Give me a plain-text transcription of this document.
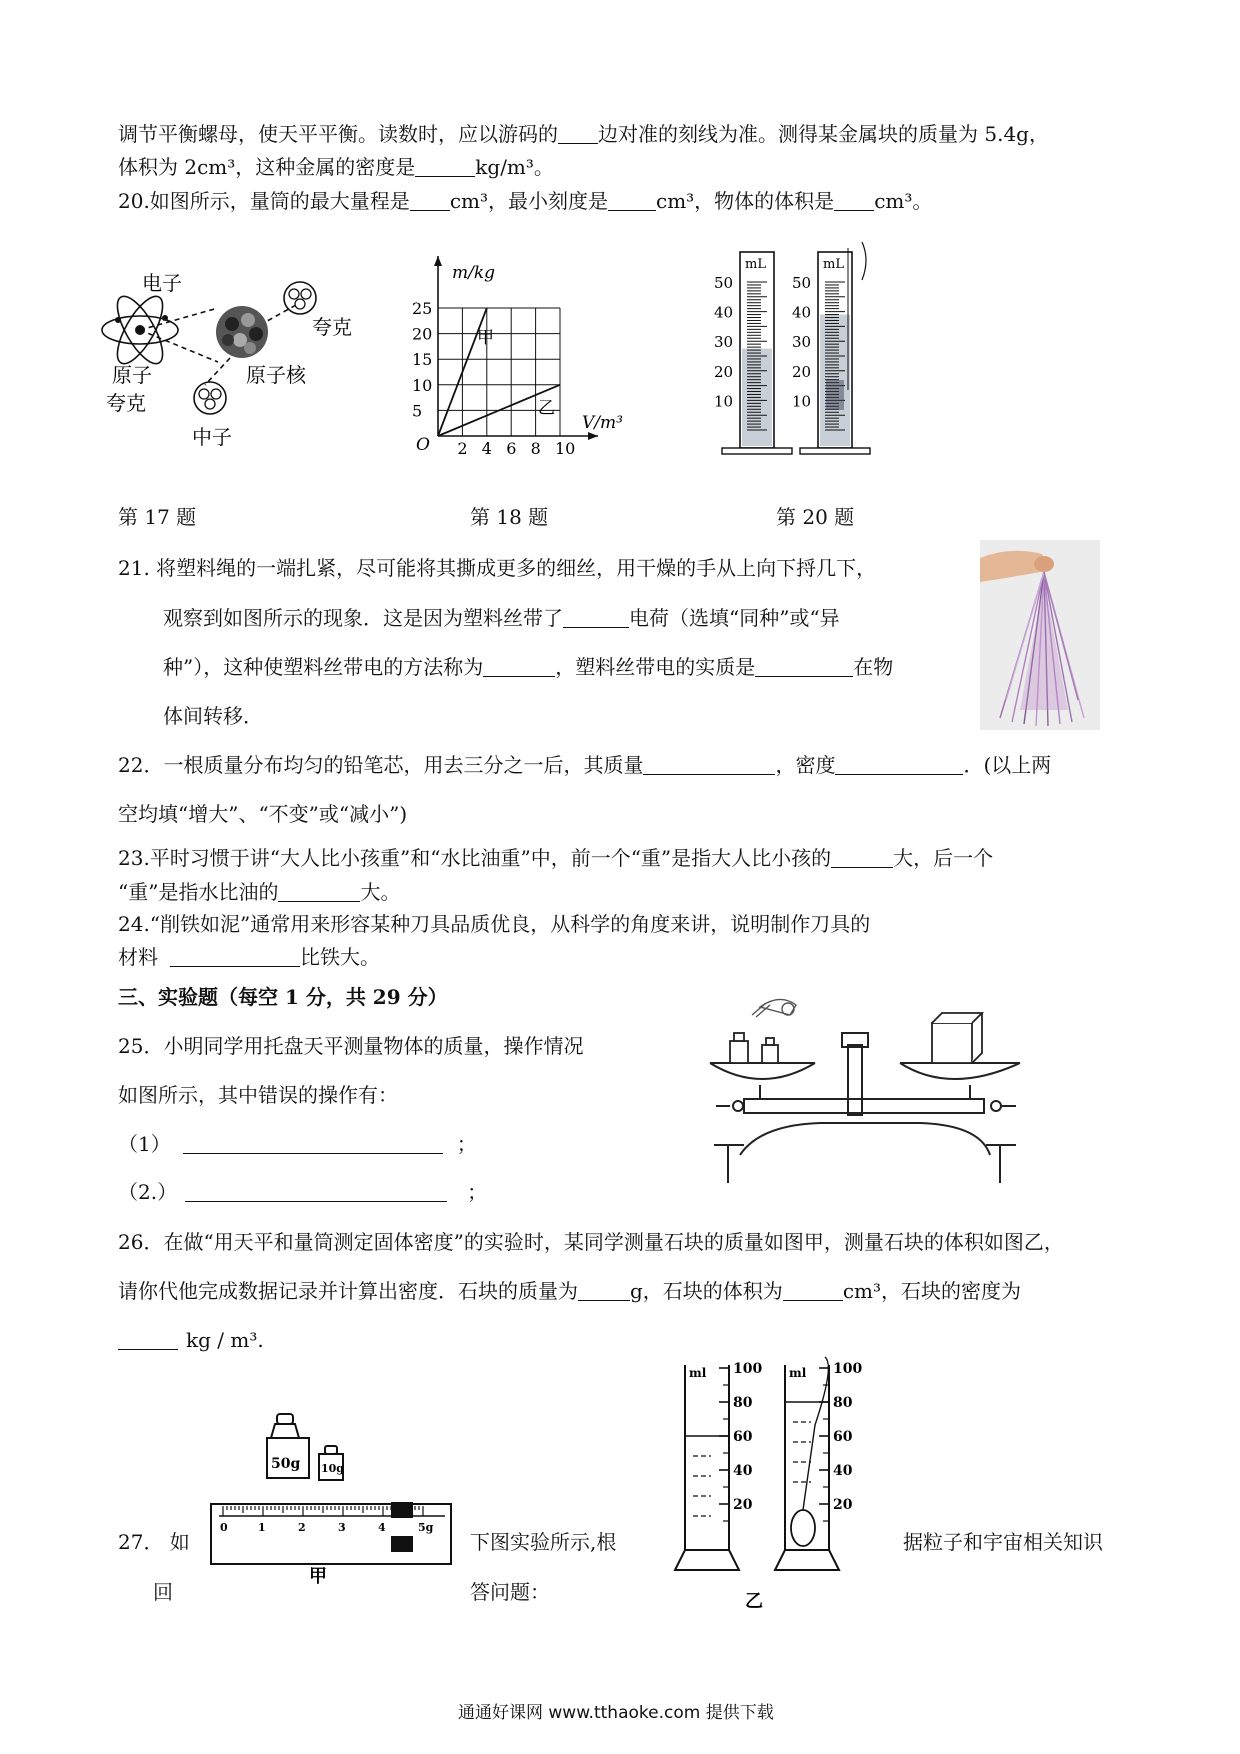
调节平衡螺母，使天平平衡。读数时，应以游码的 边对准的刻线为准。测得某金属块的质量为 5.4g，
体积为 2cm³，这种金属的密度是	kg/m³。
20.如图所示，量筒的最大量程是 cm³，最小刻度是 cm³，物体的体积是 cm³。
电子
夸克
原子	原子核
夸克
中子
甲
乙
2 4 6 8 10
5
10
15
20
25
O
m/kg
V/m³
mL
50
40
30
20
10
mL
50
40
30
20
10
第 17 题	第 18 题	第 20 题
21. 将塑料绳的一端扎紧，尽可能将其撕成更多的细丝，用干燥的手从上向下捋几下，
观察到如图所示的现象．这是因为塑料丝带了	电荷（选填“同种”或“异
种”），这种使塑料丝带电的方法称为	，塑料丝带电的实质是	在物
体间转移．
22．一根质量分布均匀的铅笔芯，用去三分之一后，其质量	，密度	．(以上两
空均填“增大”、“不变”或“减小”)
23.平时习惯于讲“大人比小孩重”和“水比油重”中，前一个“重”是指大人比小孩的	大，后一个
“重”是指水比油的	大。
24.“削铁如泥”通常用来形容某种刀具品质优良，从科学的角度来讲，说明制作刀具的
材料	比铁大。
三、实验题（每空 1 分，共 29 分）
25．小明同学用托盘天平测量物体的质量，操作情况
如图所示，其中错误的操作有：
（1）	；
（2.）	；
26．在做“用天平和量筒测定固体密度”的实验时，某同学测量石块的质量如图甲，测量石块的体积如图乙，
请你代他完成数据记录并计算出密度．石块的质量为	g，石块的体积为	cm³，石块的密度为
kg / m³.
50g 10g
0	1	2	3	4	5g
甲
27． 如	下图实验所示,根	据粒子和宇宙相关知识
回	答问题：
100
80
60
40
20
ml	100
80
60
40
20
ml
乙
通通好课网 www.tthaoke.com 提供下载
